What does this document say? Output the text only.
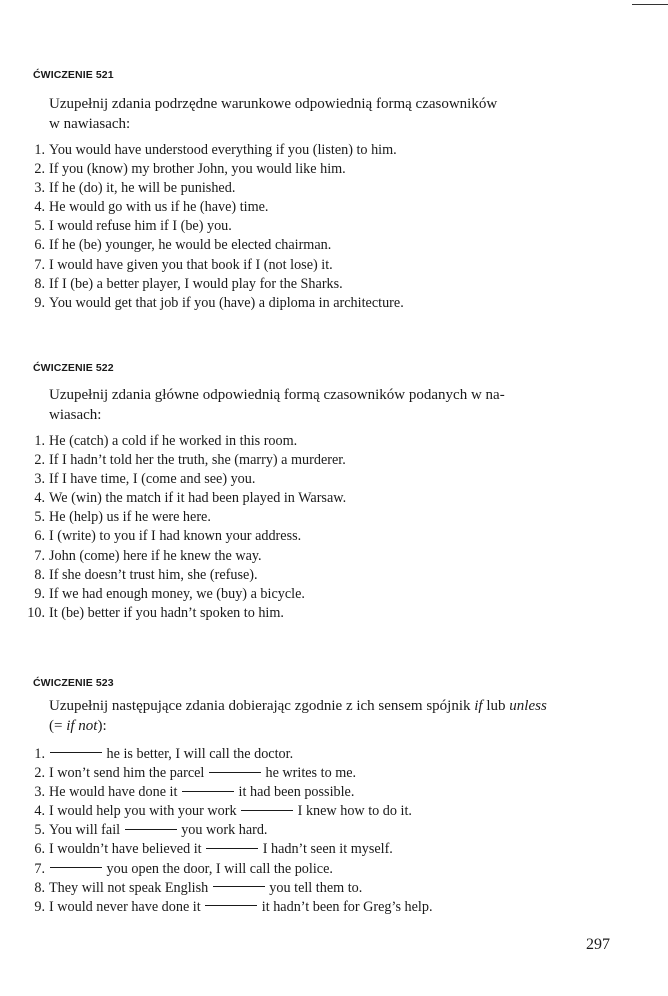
ĆWICZENIE 521

Uzupełnij zdania podrzędne warunkowe odpowiednią formą czasowników
w nawiasach:

1. You would have understood everything if you (listen) to him.
2. If you (know) my brother John, you would like him.
3. If he (do) it, he will be punished.
4. He would go with us if he (have) time.
5. I would refuse him if I (be) you.
6. If he (be) younger, he would be elected chairman.
7. I would have given you that book if I (not lose) it.
8. If I (be) a better player, I would play for the Sharks.
9. You would get that job if you (have) a diploma in architecture.
ĆWICZENIE 522

Uzupełnij zdania główne odpowiednią formą czasowników podanych w na-
wiasach:

1. He (catch) a cold if he worked in this room.
2. If I hadn’t told her the truth, she (marry) a murderer.
3. If I have time, I (come and see) you.
4. We (win) the match if it had been played in Warsaw.
5. He (help) us if he were here.
6. I (write) to you if I had known your address.
7. John (come) here if he knew the way.
8. If she doesn’t trust him, she (refuse).
9. If we had enough money, we (buy) a bicycle.
10. It (be) better if you hadn’t spoken to him.
ĆWICZENIE 523

Uzupełnij następujące zdania dobierając zgodnie z ich sensem spójnik if lub unless
(= if not):

1.	he is better, I will call the doctor.
2. I won’t send him the parcel	he writes to me.
3. He would have done it	it had been possible.
4. I would help you with your work	I knew how to do it.
5. You will fail	you work hard.
6. I wouldn’t have believed it	I hadn’t seen it myself.
7.	you open the door, I will call the police.
8. They will not speak English	you tell them to.
9. I would never have done it	it hadn’t been for Greg’s help.
297
